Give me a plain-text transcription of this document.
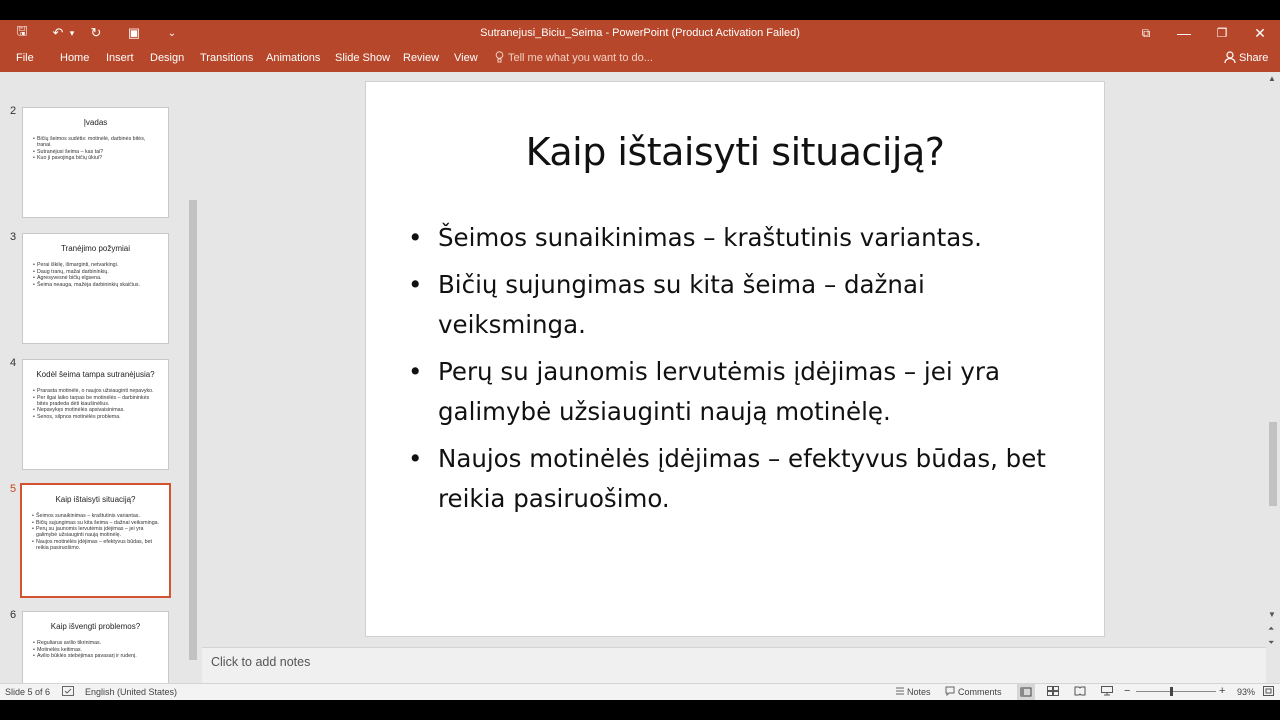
🖫 ↶ ▾ ↻ ▣	⌄	Sutranejusi_Biciu_Seima - PowerPoint (Product Activation Failed)	⧉	—	❐	✕
File Home Insert Design Transitions Animations Slide Show Review View	Tell me what you want to do...	Share
2
Įvadas
• Bičių šeimos sudėtis: motinėlė, darbinės bitės, tranai.
• Sutranėjusi šeima – kas tai?
• Kuo ji pavojinga bičių ūkiui?
3
Tranėjimo požymiai
• Perai iškilę, išmarginti, netvarkingi.
• Daug tranų, mažai darbininkių.
• Agresyvesnė bičių elgsena.
• Šeima neauga, mažėja darbininkių skaičius.
4
Kodėl šeima tampa sutranėjusia?
• Prarasta motinėlė, o naujos užsiauginti nepavyko.
• Per ilgai laiko tarpas be motinėlės – darbininkės bitės pradeda dėti kiaušinėlius.
• Nepavykęs motinėlės apsivaisinimas.
• Senos, silpnos motinėlės problema.
5
Kaip ištaisyti situaciją?
• Šeimos sunaikinimas – kraštutinis variantas.
• Bičių sujungimas su kita šeima – dažnai veiksminga.
• Perų su jaunomis lervutėmis įdėjimas – jei yra galimybė užsiauginti naują motinėlę.
• Naujos motinėlės įdėjimas – efektyvus būdas, bet reikia pasiruošimo.
6
Kaip išvengti problemos?
• Reguliarus avilio tikrinimas.
• Motinėlės keitimas.
• Avilio būklės stebėjimas pavasarį ir rudenį.
Kaip ištaisyti situaciją?
• Šeimos sunaikinimas – kraštutinis variantas.
• Bičių sujungimas su kita šeima – dažnai veiksminga.
• Perų su jaunomis lervutėmis įdėjimas – jei yra galimybė užsiauginti naują motinėlę.
• Naujos motinėlės įdėjimas – efektyvus būdas, bet reikia pasiruošimo.
▲
▼
⏶
⏷
Click to add notes
Slide 5 of 6	English (United States)	Notes	Comments	−	+ 93%
